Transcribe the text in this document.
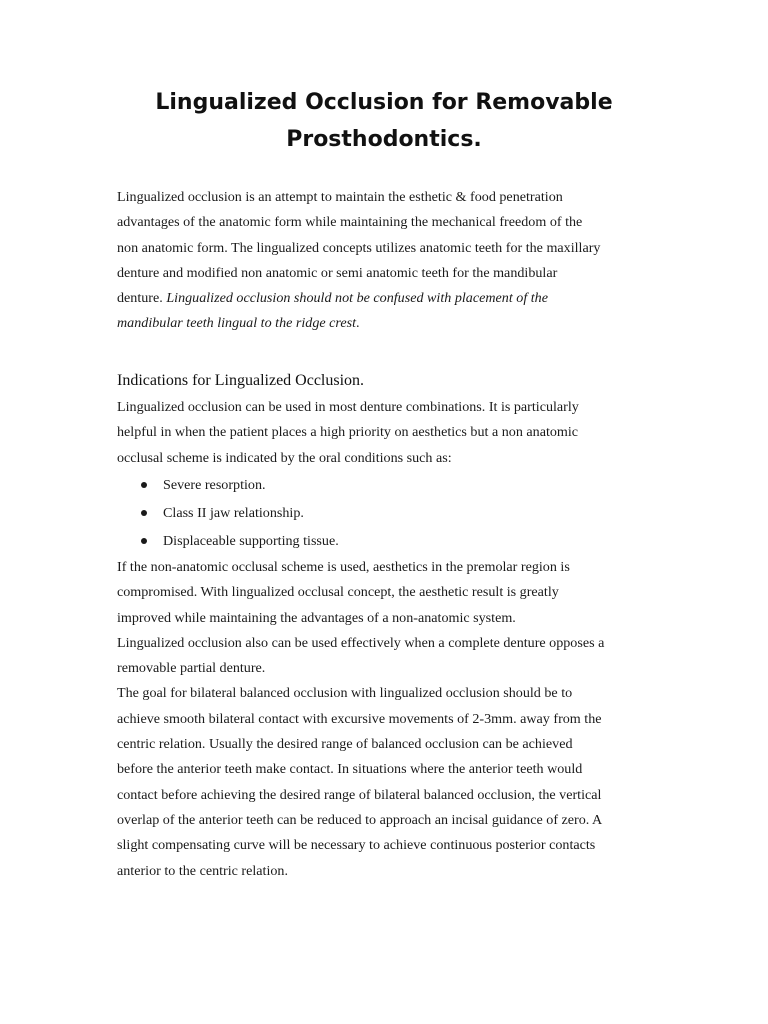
Lingualized Occlusion for Removable
Prosthodontics.

Lingualized occlusion is an attempt to maintain the esthetic & food penetration
advantages of the anatomic form while maintaining the mechanical freedom of the
non anatomic form. The lingualized concepts utilizes anatomic teeth for the maxillary
denture and modified non anatomic or semi anatomic teeth for the mandibular
denture. Lingualized occlusion should not be confused with placement of the
mandibular teeth lingual to the ridge crest.

Indications for Lingualized Occlusion.

Lingualized occlusion can be used in most denture combinations. It is particularly
helpful in when the patient places a high priority on aesthetics but a non anatomic
occlusal scheme is indicated by the oral conditions such as:

Severe resorption.
Class II jaw relationship.
Displaceable supporting tissue.

If the non-anatomic occlusal scheme is used, aesthetics in the premolar region is
compromised. With lingualized occlusal concept, the aesthetic result is greatly
improved while maintaining the advantages of a non-anatomic system.
Lingualized occlusion also can be used effectively when a complete denture opposes a
removable partial denture.
The goal for bilateral balanced occlusion with lingualized occlusion should be to
achieve smooth bilateral contact with excursive movements of 2-3mm. away from the
centric relation. Usually the desired range of balanced occlusion can be achieved
before the anterior teeth make contact. In situations where the anterior teeth would
contact before achieving the desired range of bilateral balanced occlusion, the vertical
overlap of the anterior teeth can be reduced to approach an incisal guidance of zero. A
slight compensating curve will be necessary to achieve continuous posterior contacts
anterior to the centric relation.
